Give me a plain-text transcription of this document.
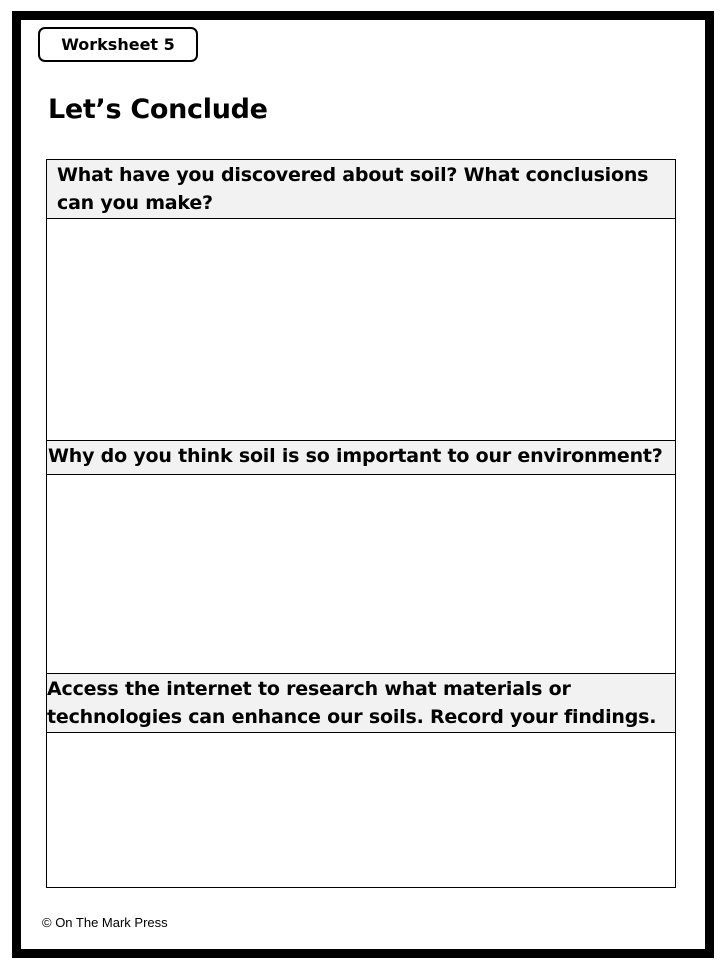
Worksheet 5
Let’s Conclude
What have you discovered about soil? What conclusions can you make?
Why do you think soil is so important to our environment?
Access the internet to research what materials or technologies can enhance our soils. Record your findings.
© On The Mark Press
